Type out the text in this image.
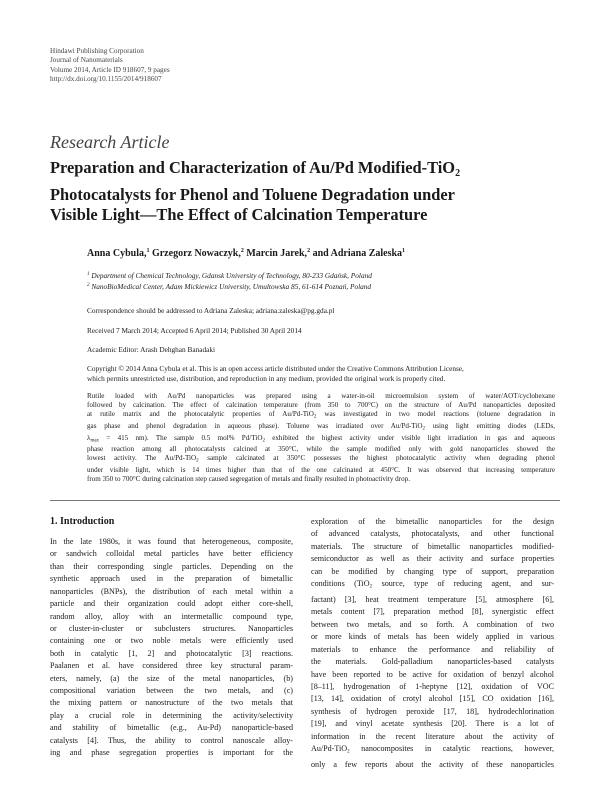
Hindawi Publishing Corporation
Journal of Nanomaterials
Volume 2014, Article ID 918607, 9 pages
http://dx.doi.org/10.1155/2014/918607
Research Article
Preparation and Characterization of Au/Pd Modified-TiO$_2$
Photocatalysts for Phenol and Toluene Degradation under
Visible Light—The Effect of Calcination Temperature
Anna Cybula,$^1$ Grzegorz Nowaczyk,$^2$ Marcin Jarek,$^2$ and Adriana Zaleska$^1$
$^1$ Department of Chemical Technology, Gdansk University of Technology, 80-233 Gdańsk, Poland
$^2$ NanoBioMedical Center, Adam Mickiewicz University, Umultowska 85, 61-614 Poznań, Poland
Correspondence should be addressed to Adriana Zaleska; adriana.zaleska@pg.gda.pl
Received 7 March 2014; Accepted 6 April 2014; Published 30 April 2014
Academic Editor: Arash Dehghan Banadaki
Copyright © 2014 Anna Cybula et al. This is an open access article distributed under the Creative Commons Attribution License,
which permits unrestricted use, distribution, and reproduction in any medium, provided the original work is properly cited.
Rutile loaded with Au/Pd nanoparticles was prepared using a water-in-oil microemulsion system of water/AOT/cyclohexane
followed by calcination. The effect of calcination temperature (from 350 to 700°C) on the structure of Au/Pd nanoparticles deposited
at rutile matrix and the photocatalytic properties of Au/Pd-TiO$_2$ was investigated in two model reactions (toluene degradation in
gas phase and phenol degradation in aqueous phase). Toluene was irradiated over Au/Pd-TiO$_2$ using light emitting diodes (LEDs,
$\lambda_{max} = 415$ nm). The sample 0.5 mol% Pd/TiO$_2$ exhibited the highest activity under visible light irradiation in gas and aqueous
phase reaction among all photocatalysts calcined at 350°C, while the sample modified only with gold nanoparticles showed the
lowest activity. The Au/Pd-TiO$_2$ sample calcinated at 350°C possesses the highest photocatalytic activity when degrading phenol
under visible light, which is 14 times higher than that of the one calcinated at 450°C. It was observed that increasing temperature
from 350 to 700°C during calcination step caused segregation of metals and finally resulted in photoactivity drop.
1. Introduction
In the late 1980s, it was found that heterogeneous, composite,
or sandwich colloidal metal particles have better efficiency
than their corresponding single particles. Depending on the
synthetic approach used in the preparation of bimetallic
nanoparticles (BNPs), the distribution of each metal within a
particle and their organization could adopt either core-shell,
random alloy, alloy with an intermetallic compound type,
or cluster-in-cluster or subclusters structures. Nanoparticles
containing one or two noble metals were efficiently used
both in catalytic [1, 2] and photocatalytic [3] reactions.
Paalanen et al. have considered three key structural param-
eters, namely, (a) the size of the metal nanoparticles, (b)
compositional variation between the two metals, and (c)
the mixing pattern or nanostructure of the two metals that
play a crucial role in determining the activity/selectivity
and stability of bimetallic (e.g., Au-Pd) nanoparticle-based
catalysts [4]. Thus, the ability to control nanoscale alloy-
ing and phase segregation properties is important for the
exploration of the bimetallic nanoparticles for the design
of advanced catalysts, photocatalysts, and other functional
materials. The structure of bimetallic nanoparticles modified-
semiconductor as well as their activity and surface properties
can be modified by changing type of support, preparation
conditions (TiO$_2$ source, type of reducing agent, and sur-
factant) [3], heat treatment temperature [5], atmosphere [6],
metals content [7], preparation method [8], synergistic effect
between two metals, and so forth. A combination of two
or more kinds of metals has been widely applied in various
materials to enhance the performance and reliability of
the materials. Gold-palladium nanoparticles-based catalysts
have been reported to be active for oxidation of benzyl alcohol
[8–11], hydrogenation of 1-heptyne [12], oxidation of VOC
[13, 14], oxidation of crotyl alcohol [15], CO oxidation [16],
synthesis of hydrogen peroxide [17, 18], hydrodechlorination
[19], and vinyl acetate synthesis [20]. There is a lot of
information in the recent literature about the activity of
Au/Pd-TiO$_2$ nanocomposites in catalytic reactions, however,
only a few reports about the activity of these nanoparticles
